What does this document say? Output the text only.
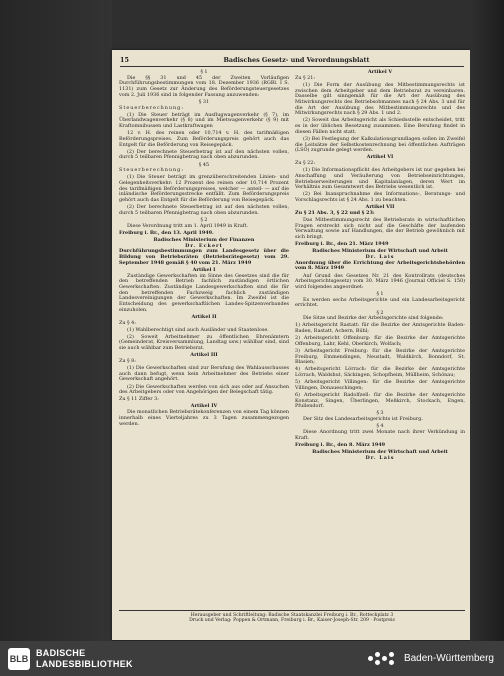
15	Badisches Gesetz- und Verordnungsblatt
§ 1
Die §§ 31 und 45 der Zweiten Vorläufigen Durchführungsbestimmungen vom 18. Dezember 1936 (RGBl. I S. 1131) zum Gesetz zur Änderung des Beförderungsteuergesetzes vom 2. Juli 1936 sind in folgender Fassung anzuwenden:
§ 31
Steuerberechnung:
(1) Die Steuer beträgt im Ausflugwagenverkehr (§ 7), im Überlandwagenverkehr (§ 8) und im Mietwagenverkehr (§ 9) mit Kraftomnibussen und Lastkraftwagen
12 v. H. des reinen oder 10,714 v. H. des tarifmäßigen Beförderungspreises. Zum Beförderungspreis gehört auch das Entgelt für die Beförderung von Reisegepäck.
(2) Der berechnete Steuerbetrag ist auf den nächsten vollen, durch 5 teilbaren Pfennigbetrag nach oben abzurunden.
§ 45
Steuerberechnung:
(1) Die Steuer beträgt im grenzüberschreitenden Linien- und Gelegenheitsverkehr: 12 Prozent des reinen oder 10,714 Prozent des tarifmäßigen Beförderungspreises, welcher — anteil- — auf die inländische Beförderungsstrecke entfällt. Zum Beförderungspreis gehört auch das Entgelt für die Beförderung von Reisegepäck.
(2) Der berechnete Steuerbetrag ist auf den nächsten vollen, durch 5 teilbaren Pfennigbetrag nach oben abzurunden.
§ 2
Diese Verordnung tritt am 1. April 1949 in Kraft.
Freiburg i. Br., den 13. April 1949.
Badisches Ministerium der Finanzen
Dr. Eckert
Durchführungsbestimmungen zum Landesgesetz über die Bildung von Betriebsräten (Betriebsrätegesetz) vom 29. September 1948 gemäß § 40 vom 21. März 1949
Artikel I
Zuständige Gewerkschaften im Sinne des Gesetzes sind die für den betreffenden Betrieb fachlich zuständigen örtlichen Gewerkschaften. Zuständige Landesgewerkschaften sind die für den betreffenden Fachzweig fachlich zuständigen Landesvereinigungen der Gewerkschaften. Im Zweifel ist die Entscheidung des gewerkschaftlichen Landes-Spitzenverbandes einzuholen.
Artikel II
Zu § 4:
(1) Wahlberechtigt sind auch Ausländer und Staatenlose.
(2) Soweit Arbeitnehmer zu öffentlichen Ehrenämtern (Gemeinderat, Kreisversammlung, Landtag usw.) wählbar sind, sind sie auch wählbar zum Betriebsrat.
Artikel III
Zu § 8:
(1) Die Gewerkschaften sind zur Berufung des Wahlausschusses auch dann befugt, wenn kein Arbeitnehmer des Betriebs einer Gewerkschaft angehört.
(2) Die Gewerkschaften werden von sich aus oder auf Ansuchen des Arbeitgebers oder von Angehörigen der Belegschaft tätig.
Zu § 11 Ziffer 3:
Artikel IV
Die monatlichen Betriebsrätekonferenzen von einem Tag können innerhalb eines Vierteljahres zu 3 Tagen zusammengezogen werden.
Artikel V
Zu § 21:
(1) Die Form der Ausübung des Mitbestimmungsrechts ist zwischen dem Arbeitgeber und dem Betriebsrat zu vereinbaren. Dasselbe gilt sinngemäß für die Art der Ausübung des Mitwirkungsrechts des Betriebsobmannes nach § 24 Abs. 3 und für die Art der Ausübung des Mitbestimmungsrechts und des Mitwirkungsrechts nach § 29 Abs. 1 und 2.
(2) Soweit das Arbeitsgericht als Schiedsstelle entscheidet, tritt es in der üblichen Besetzung zusammen. Eine Berufung findet in diesen Fällen nicht statt.
(3) Bei Festlegung der Kalkulationsgrundlagen sollen im Zweifel die Leitsätze der Selbstkostenrechnung bei öffentlichen Aufträgen (LSÖ) zugrunde gelegt werden.
Artikel VI
Zu § 22:
(1) Die Informationspflicht des Arbeitgebers ist nur gegeben bei Anschaffung und Veräußerung von Betriebseinrichtungen, Betriebserweiterungen und Kapitalanlagen, deren Wert im Verhältnis zum Gesamtwert des Betriebs wesentlich ist.
(2) Bei Inanspruchnahme des Informations-, Beratungs- und Vorschlagsrechts ist § 24 Abs. 1 zu beachten.
Artikel VII
Zu § 21 Abs. 3, § 22 und § 23:
Das Mitbestimmungsrecht des Betriebsrats in wirtschaftlichen Fragen erstreckt sich nicht auf die Geschäfte der laufenden Verwaltung sowie auf Handlungen, die der Betrieb gewöhnlich mit sich bringt.
Freiburg i. Br., den 21. März 1949
Badisches Ministerium der Wirtschaft und Arbeit
Dr. Lais
Anordnung über die Errichtung der Arbeitsgerichtsbehörden vom 8. März 1949
Auf Grund des Gesetzes Nr. 21 des Kontrollrats (deutsches Arbeitsgerichtsgesetz) vom 30. März 1946 (Journal Officiel S. 150) wird folgendes angeordnet:
§ 1
Es werden sechs Arbeitsgerichte und ein Landesarbeitsgericht errichtet.
§ 2
Die Sitze und Bezirke der Arbeitsgerichte sind folgende:
1) Arbeitsgericht Rastatt: für die Bezirke der Amtsgerichte Baden-Baden, Rastatt, Achern, Bühl;
2) Arbeitsgericht Offenburg: für die Bezirke der Amtsgerichte Offenburg, Lahr, Kehl, Oberkirch, Wolfach;
3) Arbeitsgericht Freiburg: für die Bezirke der Amtsgerichte Freiburg, Emmendingen, Neustadt, Waldkirch, Bonndorf, St. Blasien;
4) Arbeitsgericht Lörrach: für die Bezirke der Amtsgerichte Lörrach, Waldshut, Säckingen, Schopfheim, Müllheim, Schönau;
5) Arbeitsgericht Villingen: für die Bezirke der Amtsgerichte Villingen, Donaueschingen;
6) Arbeitsgericht Radolfzell: für die Bezirke der Amtsgerichte Konstanz, Singen, Überlingen, Meßkirch, Stockach, Engen, Pfullendorf.
§ 3
Der Sitz des Landesarbeitsgerichts ist Freiburg.
§ 4
Diese Anordnung tritt zwei Monate nach ihrer Verkündung in Kraft.
Freiburg i. Br., den 8. März 1949
Badisches Ministerium der Wirtschaft und Arbeit
Dr. Lais
Herausgeber und Schriftleitung: Badische Staatskanzlei Freiburg i. Br., Rotteckplatz 3
Druck und Verlag: Poppen & Ortmann, Freiburg i. Br., Kaiser-Joseph-Str. 209 · Postpreis
BLB
BADISCHE
LANDESBIBLIOTHEK	Baden-Württemberg
